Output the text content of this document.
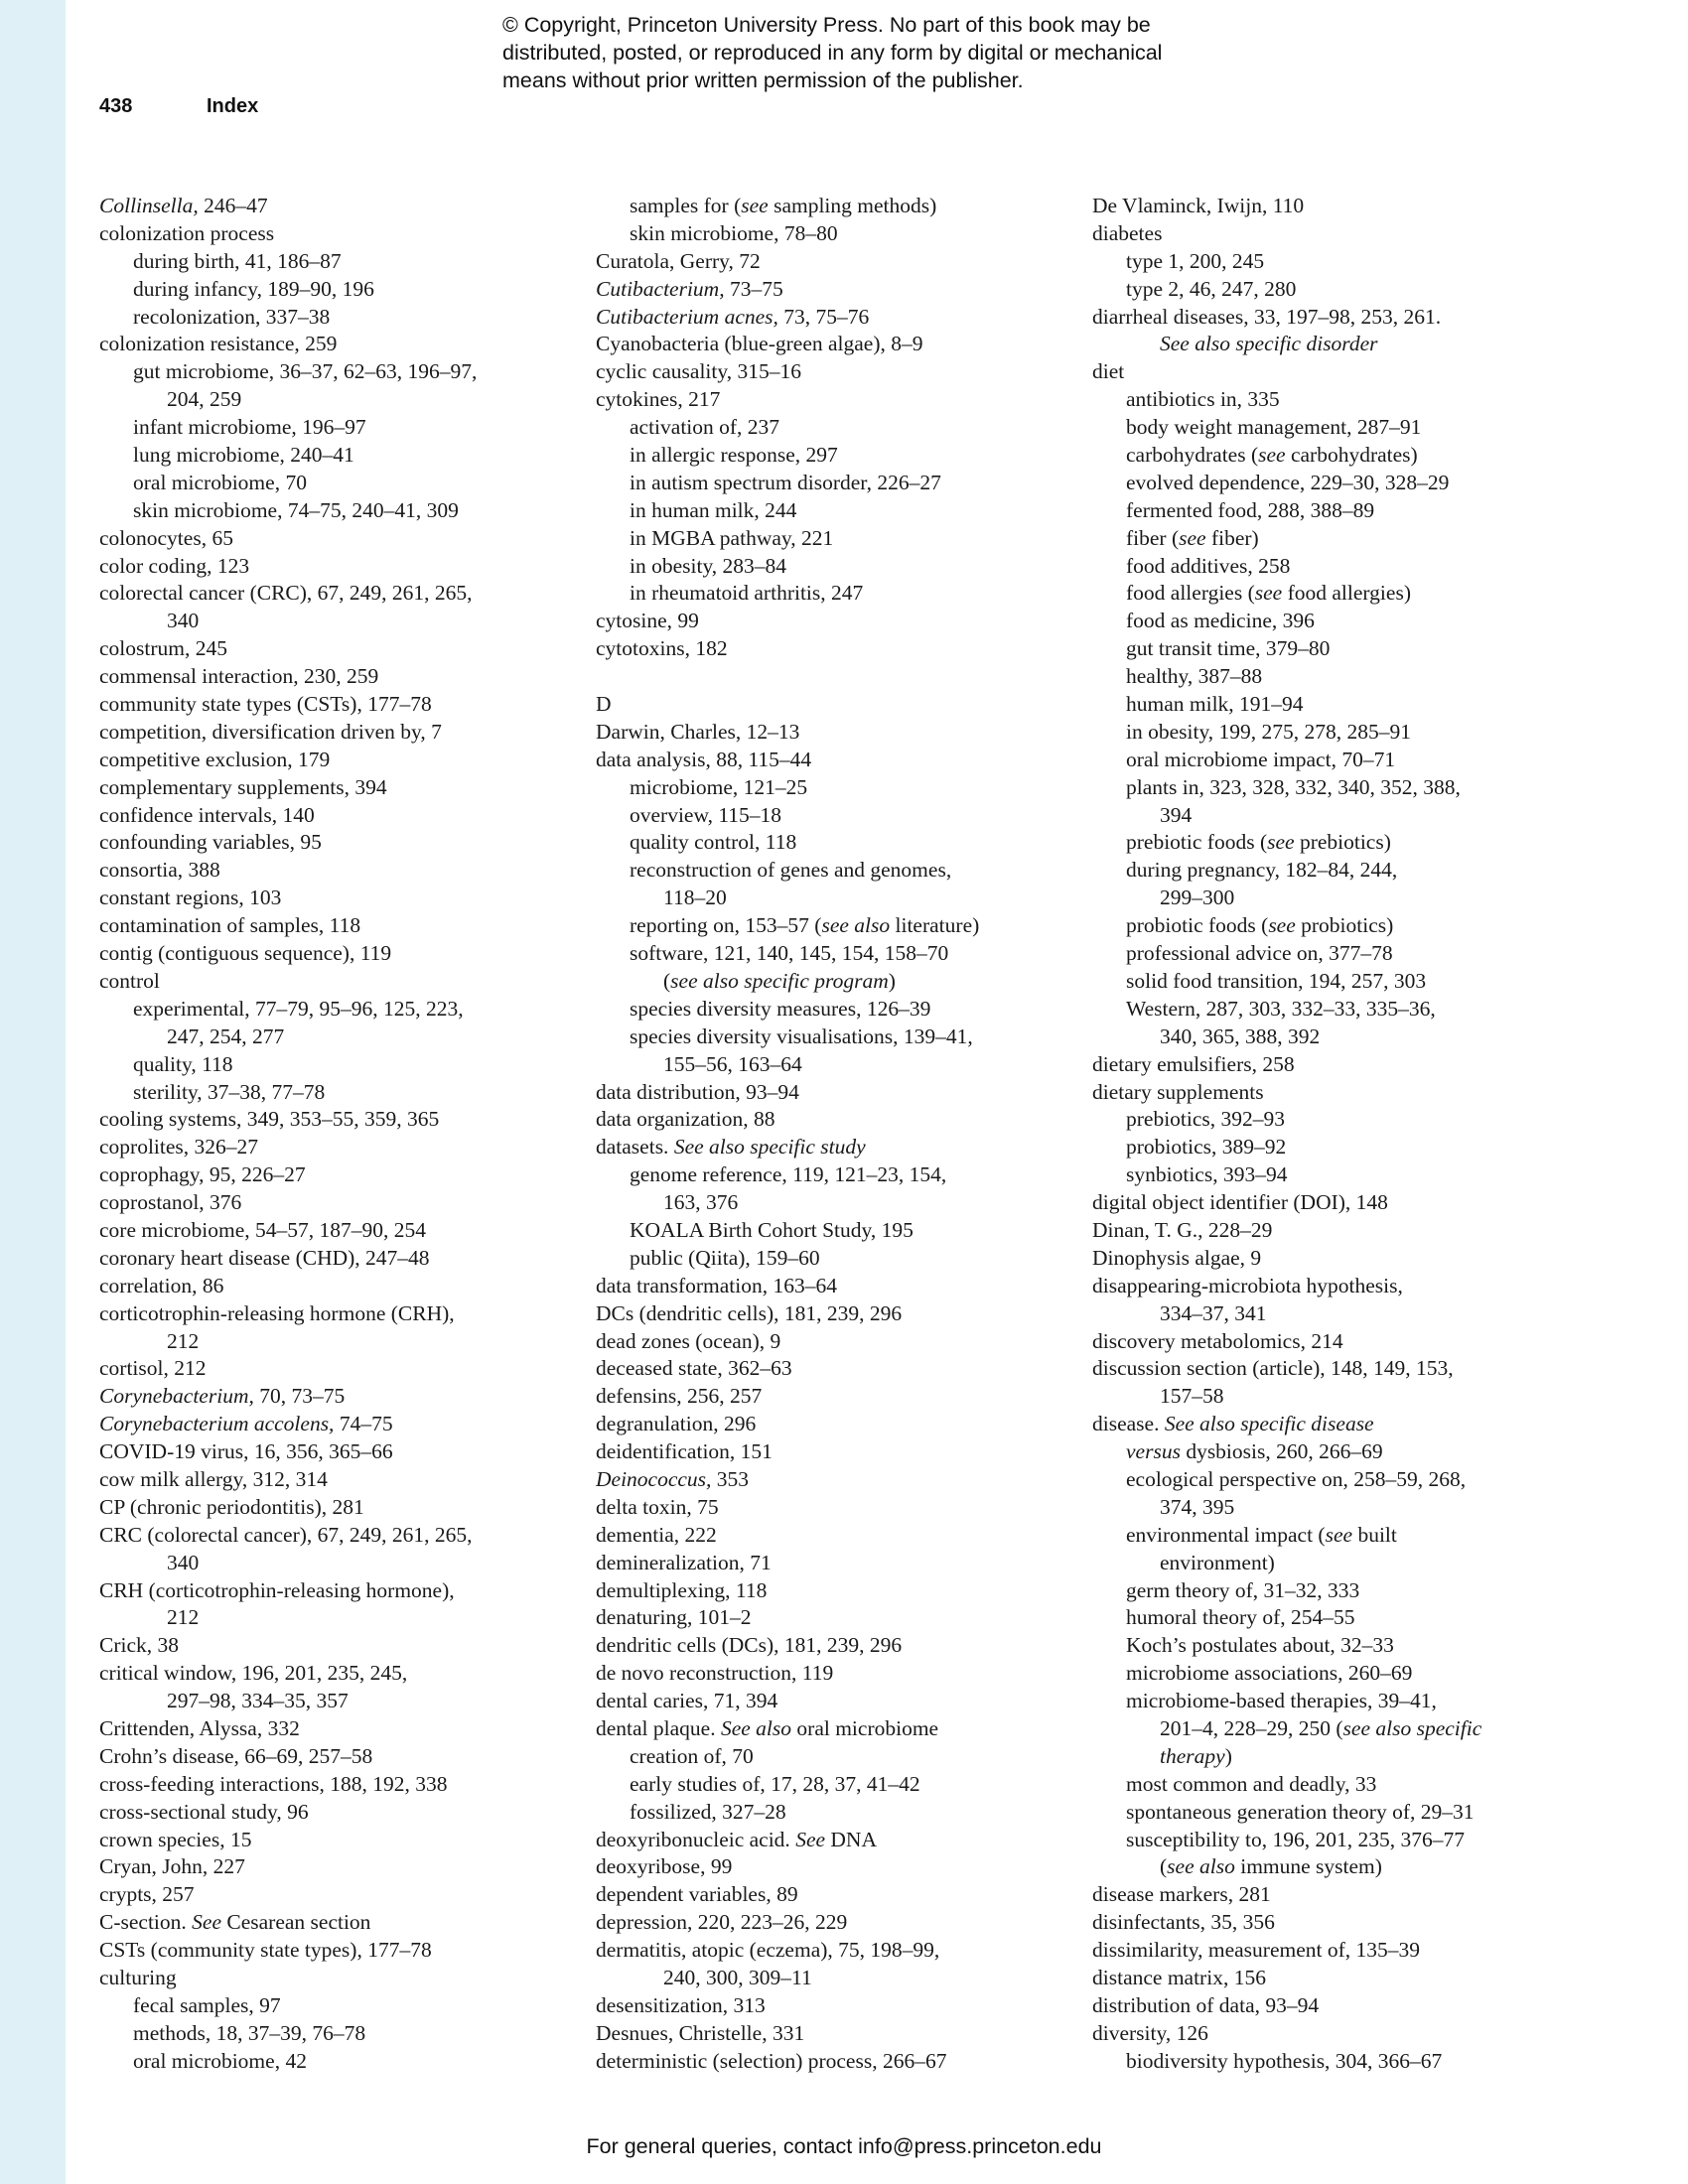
© Copyright, Princeton University Press. No part of this book may be
distributed, posted, or reproduced in any form by digital or mechanical
means without prior written permission of the publisher.
438	Index
Collinsella, 246–47
colonization process
during birth, 41, 186–87
during infancy, 189–90, 196
recolonization, 337–38
colonization resistance, 259
gut microbiome, 36–37, 62–63, 196–97,
204, 259
infant microbiome, 196–97
lung microbiome, 240–41
oral microbiome, 70
skin microbiome, 74–75, 240–41, 309
colonocytes, 65
color coding, 123
colorectal cancer (CRC), 67, 249, 261, 265,
340
colostrum, 245
commensal interaction, 230, 259
community state types (CSTs), 177–78
competition, diversification driven by, 7
competitive exclusion, 179
complementary supplements, 394
confidence intervals, 140
confounding variables, 95
consortia, 388
constant regions, 103
contamination of samples, 118
contig (contiguous sequence), 119
control
experimental, 77–79, 95–96, 125, 223,
247, 254, 277
quality, 118
sterility, 37–38, 77–78
cooling systems, 349, 353–55, 359, 365
coprolites, 326–27
coprophagy, 95, 226–27
coprostanol, 376
core microbiome, 54–57, 187–90, 254
coronary heart disease (CHD), 247–48
correlation, 86
corticotrophin-releasing hormone (CRH),
212
cortisol, 212
Corynebacterium, 70, 73–75
Corynebacterium accolens, 74–75
COVID-19 virus, 16, 356, 365–66
cow milk allergy, 312, 314
CP (chronic periodontitis), 281
CRC (colorectal cancer), 67, 249, 261, 265,
340
CRH (corticotrophin-releasing hormone),
212
Crick, 38
critical window, 196, 201, 235, 245,
297–98, 334–35, 357
Crittenden, Alyssa, 332
Crohn’s disease, 66–69, 257–58
cross-feeding interactions, 188, 192, 338
cross-sectional study, 96
crown species, 15
Cryan, John, 227
crypts, 257
C-section. See Cesarean section
CSTs (community state types), 177–78
culturing
fecal samples, 97
methods, 18, 37–39, 76–78
oral microbiome, 42
samples for (see sampling methods)
skin microbiome, 78–80
Curatola, Gerry, 72
Cutibacterium, 73–75
Cutibacterium acnes, 73, 75–76
Cyanobacteria (blue-green algae), 8–9
cyclic causality, 315–16
cytokines, 217
activation of, 237
in allergic response, 297
in autism spectrum disorder, 226–27
in human milk, 244
in MGBA pathway, 221
in obesity, 283–84
in rheumatoid arthritis, 247
cytosine, 99
cytotoxins, 182

D
Darwin, Charles, 12–13
data analysis, 88, 115–44
microbiome, 121–25
overview, 115–18
quality control, 118
reconstruction of genes and genomes,
118–20
reporting on, 153–57 (see also literature)
software, 121, 140, 145, 154, 158–70
(see also specific program)
species diversity measures, 126–39
species diversity visualisations, 139–41,
155–56, 163–64
data distribution, 93–94
data organization, 88
datasets. See also specific study
genome reference, 119, 121–23, 154,
163, 376
KOALA Birth Cohort Study, 195
public (Qiita), 159–60
data transformation, 163–64
DCs (dendritic cells), 181, 239, 296
dead zones (ocean), 9
deceased state, 362–63
defensins, 256, 257
degranulation, 296
deidentification, 151
Deinococcus, 353
delta toxin, 75
dementia, 222
demineralization, 71
demultiplexing, 118
denaturing, 101–2
dendritic cells (DCs), 181, 239, 296
de novo reconstruction, 119
dental caries, 71, 394
dental plaque. See also oral microbiome
creation of, 70
early studies of, 17, 28, 37, 41–42
fossilized, 327–28
deoxyribonucleic acid. See DNA
deoxyribose, 99
dependent variables, 89
depression, 220, 223–26, 229
dermatitis, atopic (eczema), 75, 198–99,
240, 300, 309–11
desensitization, 313
Desnues, Christelle, 331
deterministic (selection) process, 266–67
De Vlaminck, Iwijn, 110
diabetes
type 1, 200, 245
type 2, 46, 247, 280
diarrheal diseases, 33, 197–98, 253, 261.
See also specific disorder
diet
antibiotics in, 335
body weight management, 287–91
carbohydrates (see carbohydrates)
evolved dependence, 229–30, 328–29
fermented food, 288, 388–89
fiber (see fiber)
food additives, 258
food allergies (see food allergies)
food as medicine, 396
gut transit time, 379–80
healthy, 387–88
human milk, 191–94
in obesity, 199, 275, 278, 285–91
oral microbiome impact, 70–71
plants in, 323, 328, 332, 340, 352, 388,
394
prebiotic foods (see prebiotics)
during pregnancy, 182–84, 244,
299–300
probiotic foods (see probiotics)
professional advice on, 377–78
solid food transition, 194, 257, 303
Western, 287, 303, 332–33, 335–36,
340, 365, 388, 392
dietary emulsifiers, 258
dietary supplements
prebiotics, 392–93
probiotics, 389–92
synbiotics, 393–94
digital object identifier (DOI), 148
Dinan, T. G., 228–29
Dinophysis algae, 9
disappearing-microbiota hypothesis,
334–37, 341
discovery metabolomics, 214
discussion section (article), 148, 149, 153,
157–58
disease. See also specific disease
versus dysbiosis, 260, 266–69
ecological perspective on, 258–59, 268,
374, 395
environmental impact (see built
environment)
germ theory of, 31–32, 333
humoral theory of, 254–55
Koch’s postulates about, 32–33
microbiome associations, 260–69
microbiome-based therapies, 39–41,
201–4, 228–29, 250 (see also specific
therapy)
most common and deadly, 33
spontaneous generation theory of, 29–31
susceptibility to, 196, 201, 235, 376–77
(see also immune system)
disease markers, 281
disinfectants, 35, 356
dissimilarity, measurement of, 135–39
distance matrix, 156
distribution of data, 93–94
diversity, 126
biodiversity hypothesis, 304, 366–67
For general queries, contact info@press.princeton.edu
